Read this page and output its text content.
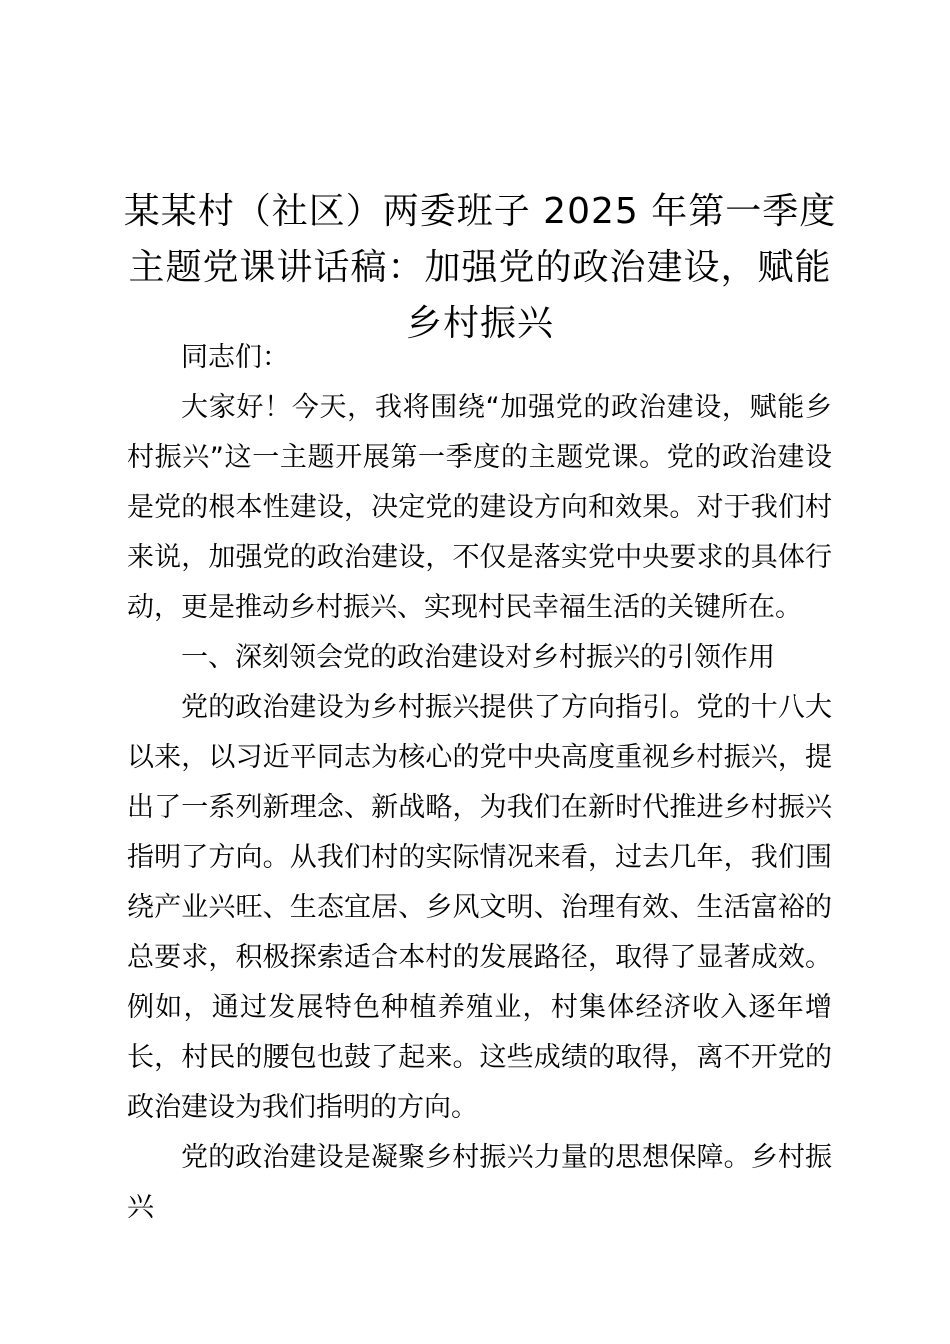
某某村（社区）两委班子 2025 年第一季度主题党课讲话稿：加强党的政治建设，赋能乡村振兴

同志们：

大家好！今天，我将围绕“加强党的政治建设，赋能乡村振兴”这一主题开展第一季度的主题党课。党的政治建设是党的根本性建设，决定党的建设方向和效果。对于我们村来说，加强党的政治建设，不仅是落实党中央要求的具体行动，更是推动乡村振兴、实现村民幸福生活的关键所在。

一、深刻领会党的政治建设对乡村振兴的引领作用

党的政治建设为乡村振兴提供了方向指引。党的十八大以来，以习近平同志为核心的党中央高度重视乡村振兴，提出了一系列新理念、新战略，为我们在新时代推进乡村振兴指明了方向。从我们村的实际情况来看，过去几年，我们围绕产业兴旺、生态宜居、乡风文明、治理有效、生活富裕的总要求，积极探索适合本村的发展路径，取得了显著成效。例如，通过发展特色种植养殖业，村集体经济收入逐年增长，村民的腰包也鼓了起来。这些成绩的取得，离不开党的政治建设为我们指明的方向。

党的政治建设是凝聚乡村振兴力量的思想保障。乡村振兴
